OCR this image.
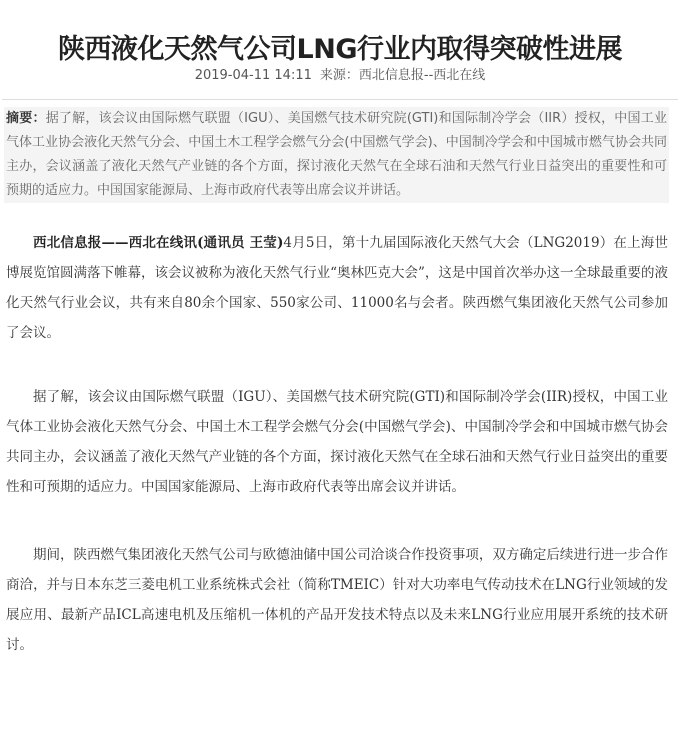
陕西液化天然气公司LNG行业内取得突破性进展
2019-04-11 14:11 来源：西北信息报--西北在线
摘要：据了解，该会议由国际燃气联盟（IGU）、美国燃气技术研究院(GTI)和国际制冷学会（IIR）授权，中国工业气体工业协会液化天然气分会、中国土木工程学会燃气分会(中国燃气学会)、中国制冷学会和中国城市燃气协会共同主办，会议涵盖了液化天然气产业链的各个方面，探讨液化天然气在全球石油和天然气行业日益突出的重要性和可预期的适应力。中国国家能源局、上海市政府代表等出席会议并讲话。

西北信息报——西北在线讯(通讯员 王莹)4月5日，第十九届国际液化天然气大会（LNG2019）在上海世博展览馆圆满落下帷幕，该会议被称为液化天然气行业“奥林匹克大会”，这是中国首次举办这一全球最重要的液化天然气行业会议，共有来自80余个国家、550家公司、11000名与会者。陕西燃气集团液化天然气公司参加了会议。

据了解，该会议由国际燃气联盟（IGU）、美国燃气技术研究院(GTI)和国际制冷学会(IIR)授权，中国工业气体工业协会液化天然气分会、中国土木工程学会燃气分会(中国燃气学会)、中国制冷学会和中国城市燃气协会共同主办，会议涵盖了液化天然气产业链的各个方面，探讨液化天然气在全球石油和天然气行业日益突出的重要性和可预期的适应力。中国国家能源局、上海市政府代表等出席会议并讲话。

期间，陕西燃气集团液化天然气公司与欧德油储中国公司洽谈合作投资事项，双方确定后续进行进一步合作商洽，并与日本东芝三菱电机工业系统株式会社（简称TMEIC）针对大功率电气传动技术在LNG行业领域的发展应用、最新产品ICL高速电机及压缩机一体机的产品开发技术特点以及未来LNG行业应用展开系统的技术研讨。
